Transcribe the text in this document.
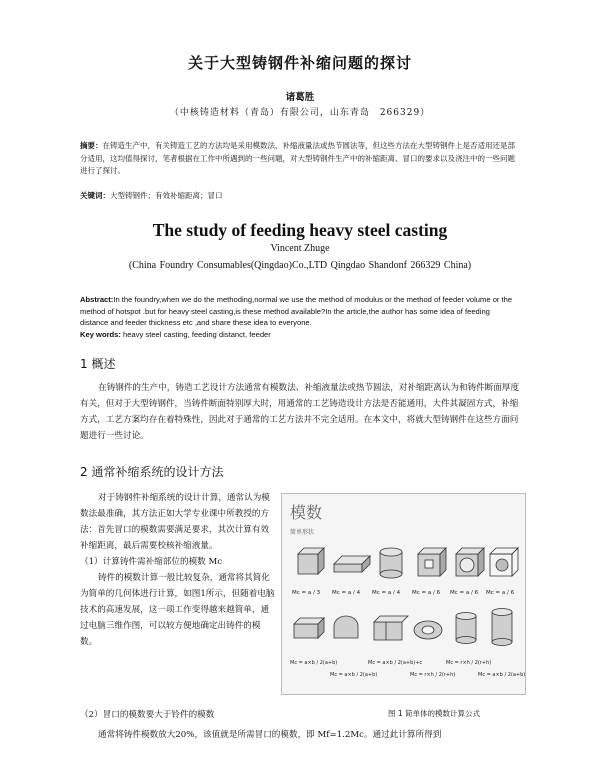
关于大型铸钢件补缩问题的探讨
诸葛胜
（中核铸造材料（青岛）有限公司，山东青岛　266329）
摘要：在铸造生产中，有关铸造工艺的方法均是采用模数法、补缩液量法或热节圆法等，但这些方法在大型铸钢件上是否适用还是部分适用，这均值得探讨，笔者根据在工作中所遇到的一些问题，对大型铸钢件生产中的补缩距离、冒口的要求以及浇注中的一些问题进行了探讨。
关键词：大型铸钢件；有效补缩距离；冒口
The study of feeding heavy steel casting
Vincent Zhuge
(China Foundry Consumables(Qingdao)Co.,LTD Qingdao Shandonf 266329 China)
Abstract:In the foundry,when we do the methoding,normal we use the method of modulus or the method of feeder volume or the method of hotspot .but for heavy steel casting,is these method available?In the article,the author has some idea of feeding distance and feeder thickness etc ,and share these idea to everyone.
Key words: heavy steel casting, feeding distanct, feeder
1 概述
在铸钢件的生产中，铸造工艺设计方法通常有模数法、补缩液量法或热节圆法，对补缩距离认为和铸件断面厚度有关，但对于大型铸钢件，当铸件断面特别厚大时，用通常的工艺铸造设计方法是否能通用，大件其凝固方式，补缩方式，工艺方案均存在着特殊性，因此对于通常的工艺方法并不完全适用。在本文中，将就大型铸钢件在这些方面问题进行一些讨论。
2 通常补缩系统的设计方法

对于铸钢件补缩系统的设计计算，通常认为模数法最准确，其方法正如大学专业课中所教授的方法：首先冒口的模数需要满足要求，其次计算有效补缩距离，最后需要校核补缩液量。

（1）计算铸件需补缩部位的模数 Mc

铸件的模数计算一般比较复杂，通常将其简化为简单的几何体进行计算，如图1所示，但随着电脑技术的高速发展，这一项工作变得越来越简单，通过电脑三维作图，可以较方便地确定出铸件的模数。

模数
简单形状
Mc = a / 3 Mc = a / 4 Mc = a / 4 Mc = a / 6 Mc = a / 6 Mc = a / 6
Mc = a×b / 2(a+b)
Mc = a×b / 2(a+b)
Mc = a×b / 2(a+b)+c
Mc = r×h / 2(r+h)
Mc = r×h / 2(r+h)
Mc = a×b / 2(a+b)
图 1 简单体的模数计算公式
（2）冒口的模数要大于铃件的模数
通常将铸件模数放大20%，该值就是所需冒口的模数，即 Mf=1.2Mc。通过此计算所得到
